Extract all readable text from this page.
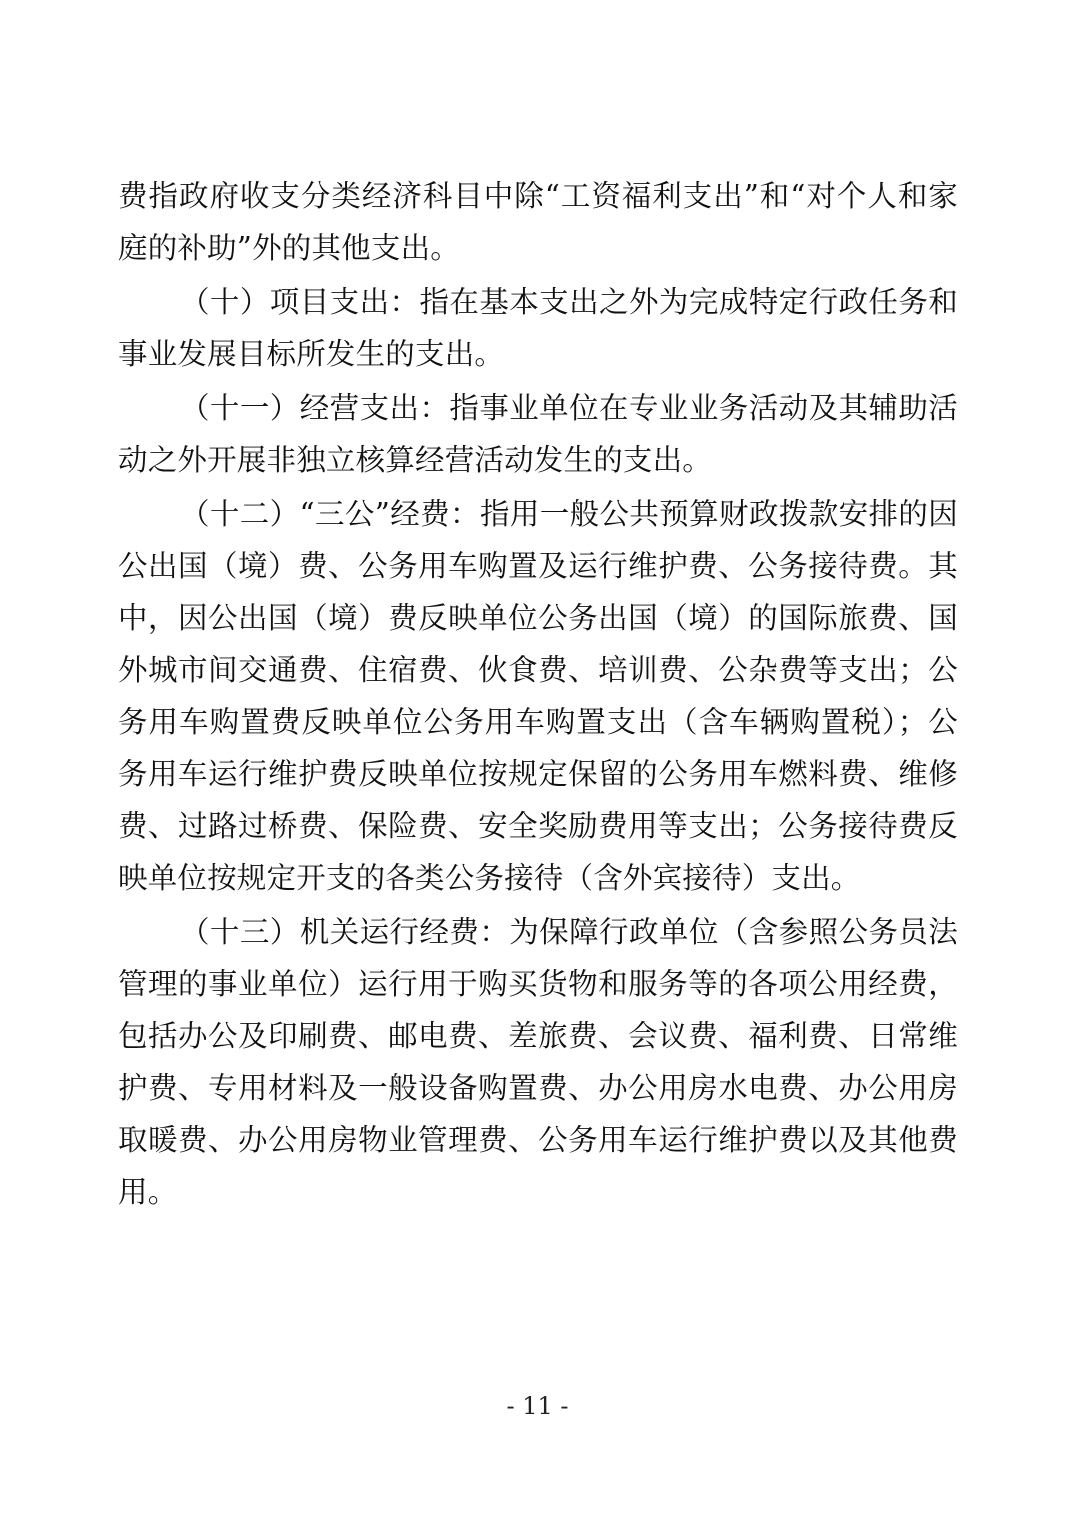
费指政府收支分类经济科目中除“工资福利支出”和“对个人和家庭的补助”外的其他支出。

（十）项目支出：指在基本支出之外为完成特定行政任务和事业发展目标所发生的支出。

（十一）经营支出：指事业单位在专业业务活动及其辅助活动之外开展非独立核算经营活动发生的支出。

（十二）“三公”经费：指用一般公共预算财政拨款安排的因公出国（境）费、公务用车购置及运行维护费、公务接待费。其中，因公出国（境）费反映单位公务出国（境）的国际旅费、国外城市间交通费、住宿费、伙食费、培训费、公杂费等支出；公务用车购置费反映单位公务用车购置支出（含车辆购置税）；公务用车运行维护费反映单位按规定保留的公务用车燃料费、维修费、过路过桥费、保险费、安全奖励费用等支出；公务接待费反映单位按规定开支的各类公务接待（含外宾接待）支出。

（十三）机关运行经费：为保障行政单位（含参照公务员法管理的事业单位）运行用于购买货物和服务等的各项公用经费，包括办公及印刷费、邮电费、差旅费、会议费、福利费、日常维护费、专用材料及一般设备购置费、办公用房水电费、办公用房取暖费、办公用房物业管理费、公务用车运行维护费以及其他费用。

- 11 -
